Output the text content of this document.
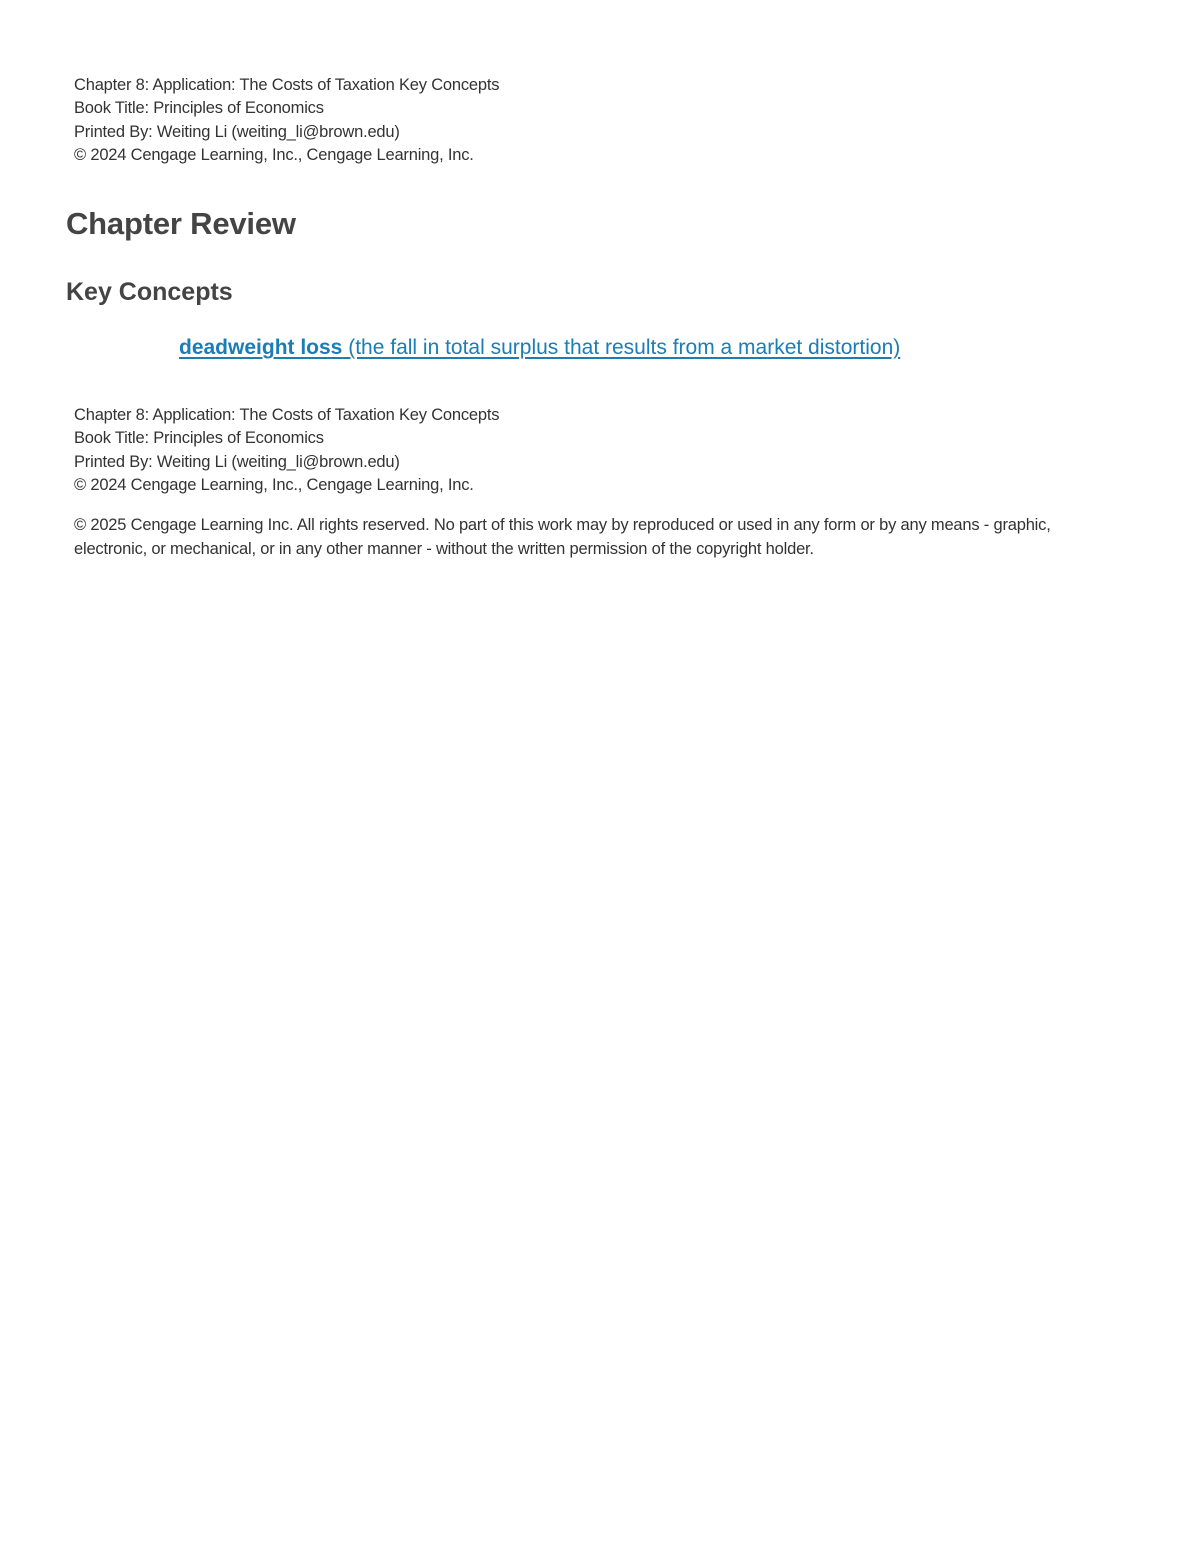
Chapter 8: Application: The Costs of Taxation Key Concepts
Book Title: Principles of Economics
Printed By: Weiting Li (weiting_li@brown.edu)
© 2024 Cengage Learning, Inc., Cengage Learning, Inc.
Chapter Review
Key Concepts
deadweight loss (the fall in total surplus that results from a market distortion)
Chapter 8: Application: The Costs of Taxation Key Concepts
Book Title: Principles of Economics
Printed By: Weiting Li (weiting_li@brown.edu)
© 2024 Cengage Learning, Inc., Cengage Learning, Inc.
© 2025 Cengage Learning Inc. All rights reserved. No part of this work may by reproduced or used in any form or by any means - graphic, electronic, or mechanical, or in any other manner - without the written permission of the copyright holder.
